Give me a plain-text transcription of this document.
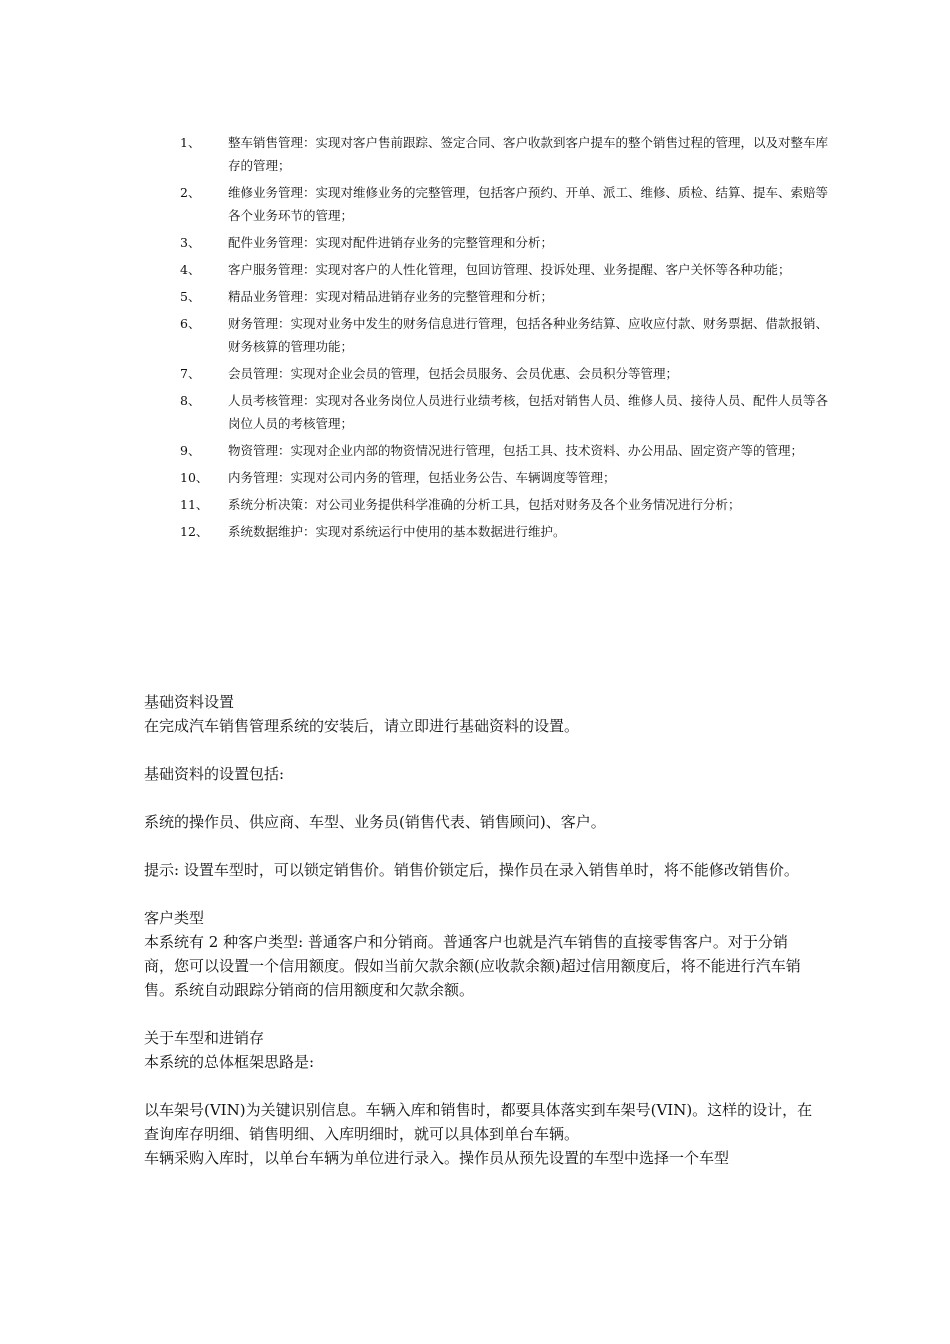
1、	整车销售管理：实现对客户售前跟踪、签定合同、客户收款到客户提车的整个销售过程的管理，以及对整车库存的管理；
2、	维修业务管理：实现对维修业务的完整管理，包括客户预约、开单、派工、维修、质检、结算、提车、索赔等各个业务环节的管理；
3、	配件业务管理：实现对配件进销存业务的完整管理和分析；
4、	客户服务管理：实现对客户的人性化管理，包回访管理、投诉处理、业务提醒、客户关怀等各种功能；
5、	精品业务管理：实现对精品进销存业务的完整管理和分析；
6、	财务管理：实现对业务中发生的财务信息进行管理，包括各种业务结算、应收应付款、财务票据、借款报销、财务核算的管理功能；
7、	会员管理：实现对企业会员的管理，包括会员服务、会员优惠、会员积分等管理；
8、	人员考核管理：实现对各业务岗位人员进行业绩考核，包括对销售人员、维修人员、接待人员、配件人员等各岗位人员的考核管理；
9、	物资管理：实现对企业内部的物资情况进行管理，包括工具、技术资料、办公用品、固定资产等的管理；
10、	内务管理：实现对公司内务的管理，包括业务公告、车辆调度等管理；
11、	系统分析决策：对公司业务提供科学准确的分析工具，包括对财务及各个业务情况进行分析；
12、	系统数据维护：实现对系统运行中使用的基本数据进行维护。

基础资料设置

在完成汽车销售管理系统的安装后，请立即进行基础资料的设置。

基础资料的设置包括:

系统的操作员、供应商、车型、业务员(销售代表、销售顾问)、客户。

提示: 设置车型时，可以锁定销售价。销售价锁定后，操作员在录入销售单时，将不能修改销售价。

客户类型

本系统有 2 种客户类型: 普通客户和分销商。普通客户也就是汽车销售的直接零售客户。对于分销商，您可以设置一个信用额度。假如当前欠款余额(应收款余额)超过信用额度后，将不能进行汽车销售。系统自动跟踪分销商的信用额度和欠款余额。

关于车型和进销存

本系统的总体框架思路是:

以车架号(VIN)为关键识别信息。车辆入库和销售时，都要具体落实到车架号(VIN)。这样的设计，在查询库存明细、销售明细、入库明细时，就可以具体到单台车辆。

车辆采购入库时，以单台车辆为单位进行录入。操作员从预先设置的车型中选择一个车型
